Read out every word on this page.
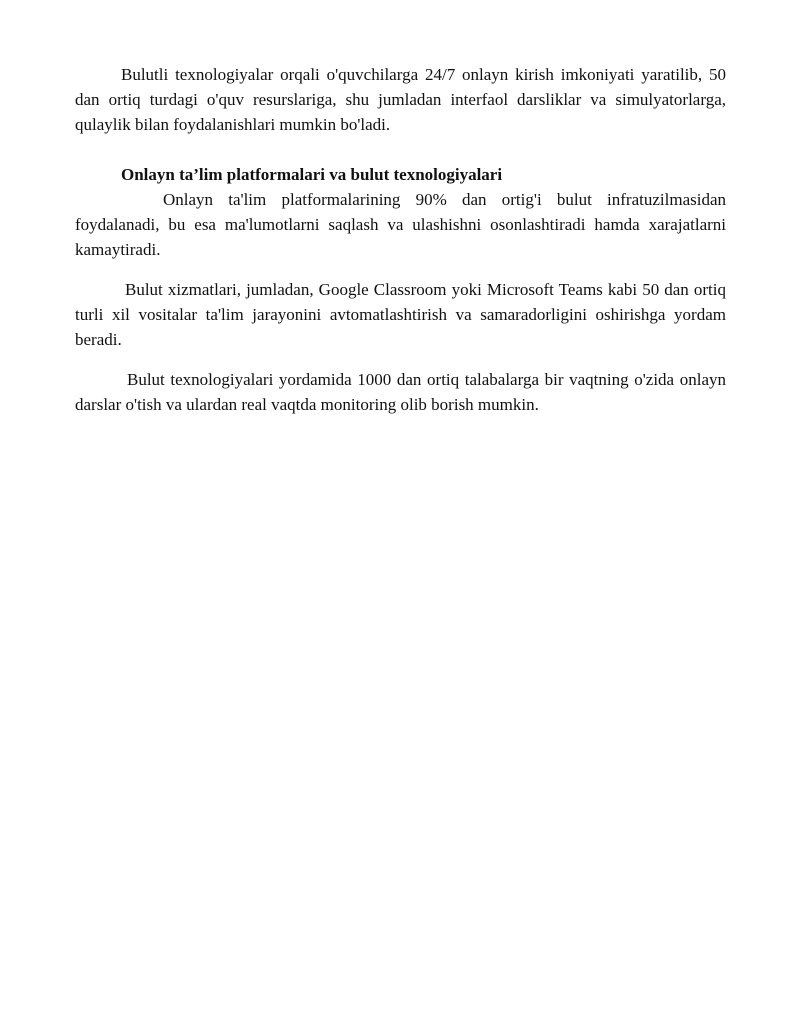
Bulutli texnologiyalar orqali o'quvchilarga 24/7 onlayn kirish imkoniyati yaratilib, 50 dan ortiq turdagi o'quv resurslariga, shu jumladan interfaol darsliklar va simulyatorlarga, qulaylik bilan foydalanishlari mumkin bo'ladi.

Onlayn ta’lim platformalari va bulut texnologiyalari

Onlayn ta'lim platformalarining 90% dan ortig'i bulut infratuzilmasidan foydalanadi, bu esa ma'lumotlarni saqlash va ulashishni osonlashtiradi hamda xarajatlarni kamaytiradi.

Bulut xizmatlari, jumladan, Google Classroom yoki Microsoft Teams kabi 50 dan ortiq turli xil vositalar ta'lim jarayonini avtomatlashtirish va samaradorligini oshirishga yordam beradi.

Bulut texnologiyalari yordamida 1000 dan ortiq talabalarga bir vaqtning o'zida onlayn darslar o'tish va ulardan real vaqtda monitoring olib borish mumkin.
